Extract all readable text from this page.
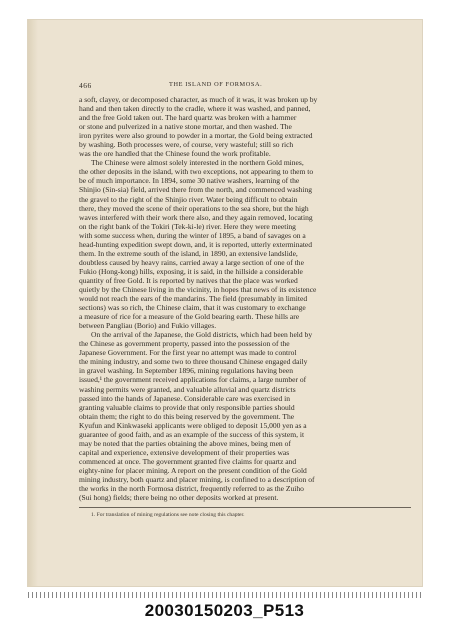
466	THE ISLAND OF FORMOSA.
a soft, clayey, or decomposed character, as much of it was, it was broken up by
hand and then taken directly to the cradle, where it was washed, and panned,
and the free Gold taken out. The hard quartz was broken with a hammer
or stone and pulverized in a native stone mortar, and then washed. The
iron pyrites were also ground to powder in a mortar, the Gold being extracted
by washing. Both processes were, of course, very wasteful; still so rich
was the ore handled that the Chinese found the work profitable.
The Chinese were almost solely interested in the northern Gold mines,
the other deposits in the island, with two exceptions, not appearing to them to
be of much importance. In 1894, some 30 native washers, learning of the
Shinjio (Sin-sia) field, arrived there from the north, and commenced washing
the gravel to the right of the Shinjio river. Water being difficult to obtain
there, they moved the scene of their operations to the sea shore, but the high
waves interfered with their work there also, and they again removed, locating
on the right bank of the Tokiri (Tek-ki-le) river. Here they were meeting
with some success when, during the winter of 1895, a band of savages on a
head-hunting expedition swept down, and, it is reported, utterly exterminated
them. In the extreme south of the island, in 1890, an extensive landslide,
doubtless caused by heavy rains, carried away a large section of one of the
Fukio (Hong-kong) hills, exposing, it is said, in the hillside a considerable
quantity of free Gold. It is reported by natives that the place was worked
quietly by the Chinese living in the vicinity, in hopes that news of its existence
would not reach the ears of the mandarins. The field (presumably in limited
sections) was so rich, the Chinese claim, that it was customary to exchange
a measure of rice for a measure of the Gold bearing earth. These hills are
between Pangliau (Borio) and Fukio villages.
On the arrival of the Japanese, the Gold districts, which had been held by
the Chinese as government property, passed into the possession of the
Japanese Government. For the first year no attempt was made to control
the mining industry, and some two to three thousand Chinese engaged daily
in gravel washing. In September 1896, mining regulations having been
issued,¹ the government received applications for claims, a large number of
washing permits were granted, and valuable alluvial and quartz districts
passed into the hands of Japanese. Considerable care was exercised in
granting valuable claims to provide that only responsible parties should
obtain them; the right to do this being reserved by the government. The
Kyufun and Kinkwaseki applicants were obliged to deposit 15,000 yen as a
guarantee of good faith, and as an example of the success of this system, it
may be noted that the parties obtaining the above mines, being men of
capital and experience, extensive development of their properties was
commenced at once. The government granted five claims for quartz and
eighty-nine for placer mining. A report on the present condition of the Gold
mining industry, both quartz and placer mining, is confined to a description of
the works in the north Formosa district, frequently referred to as the Zuiho
(Sui hong) fields; there being no other deposits worked at present.
1. For translation of mining regulations see note closing this chapter.
20030150203_P513
